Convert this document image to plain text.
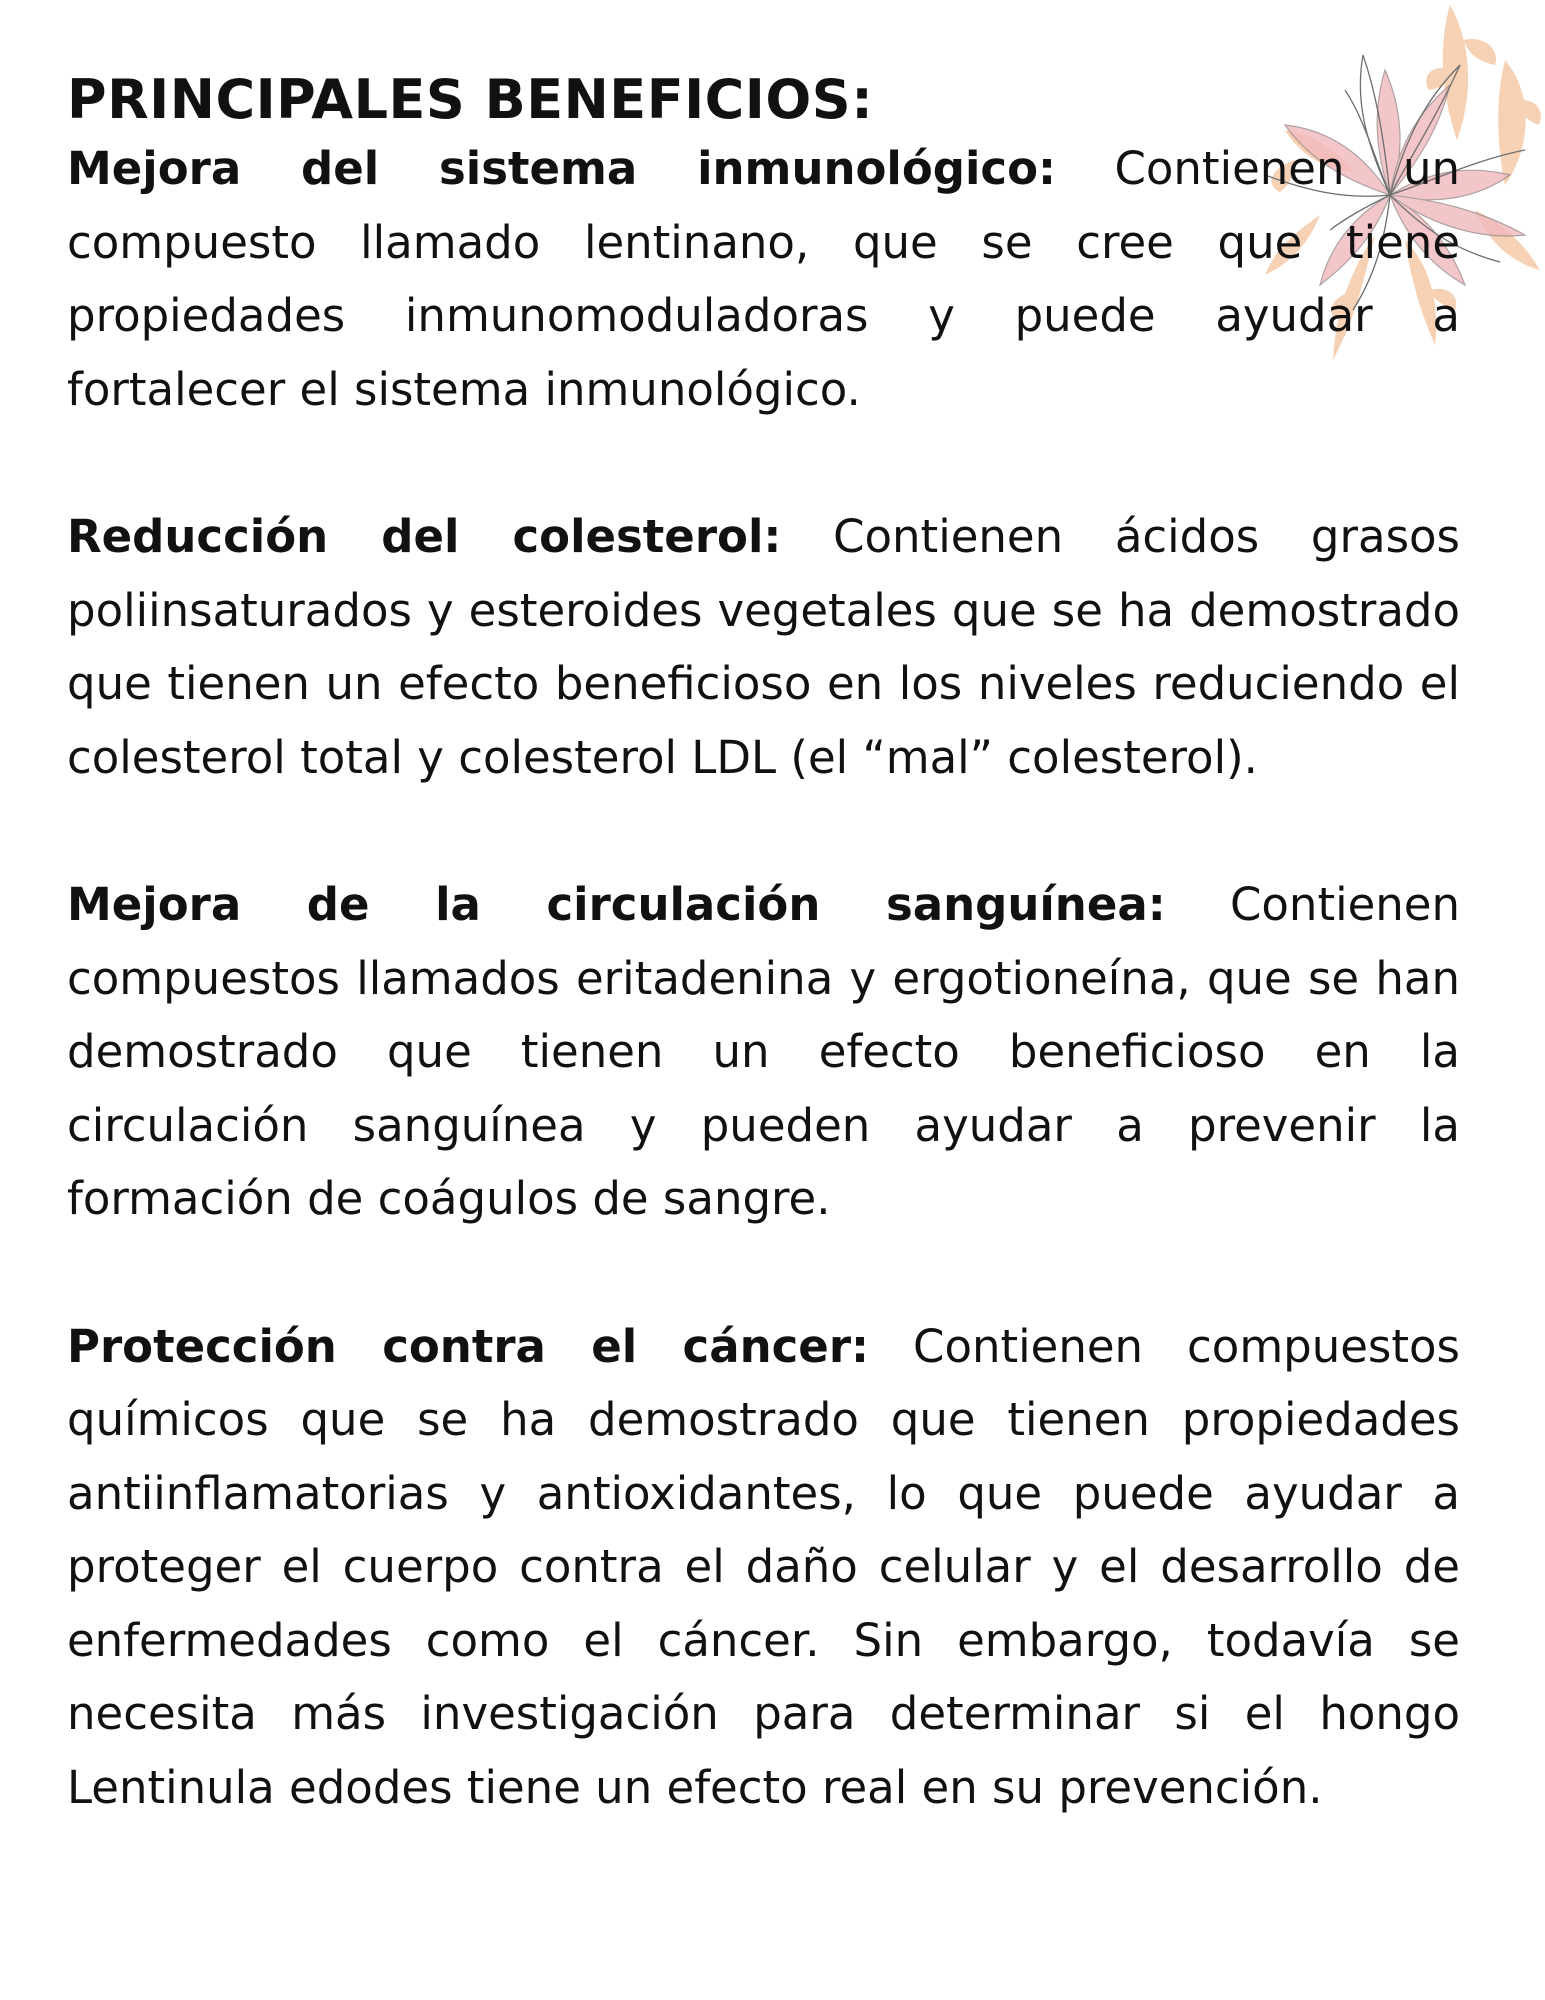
PRINCIPALES BENEFICIOS:

Mejora del sistema inmunológico: Contienen un compuesto llamado lentinano, que se cree que tiene propiedades inmunomoduladoras y puede ayudar a fortalecer el sistema inmunológico.

Reducción del colesterol: Contienen ácidos grasos poliinsaturados y esteroides vegetales que se ha demostrado que tienen un efecto beneficioso en los niveles reduciendo el colesterol total y colesterol LDL (el “mal” colesterol).

Mejora de la circulación sanguínea: Contienen compuestos llamados eritadenina y ergotioneína, que se han demostrado que tienen un efecto beneficioso en la circulación sanguínea y pueden ayudar a prevenir la formación de coágulos de sangre.

Protección contra el cáncer: Contienen compuestos químicos que se ha demostrado que tienen propiedades antiinflamatorias y antioxidantes, lo que puede ayudar a proteger el cuerpo contra el daño celular y el desarrollo de enfermedades como el cáncer. Sin embargo, todavía se necesita más investigación para determinar si el hongo Lentinula edodes tiene un efecto real en su prevención.
